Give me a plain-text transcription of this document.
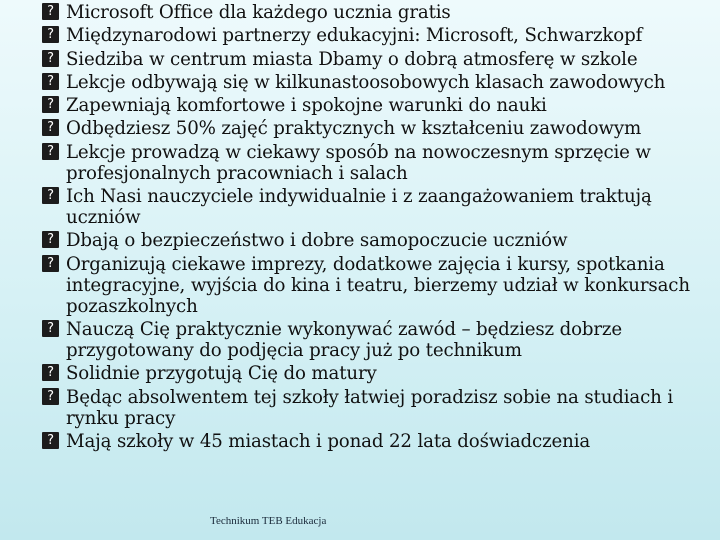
? Microsoft Office dla każdego ucznia gratis
? Międzynarodowi partnerzy edukacyjni: Microsoft, Schwarzkopf
? Siedziba w centrum miasta Dbamy o dobrą atmosferę w szkole
? Lekcje odbywają się w kilkunastoosobowych klasach zawodowych
? Zapewniają komfortowe i spokojne warunki do nauki
? Odbędziesz 50% zajęć praktycznych w kształceniu zawodowym
? Lekcje prowadzą w ciekawy sposób na nowoczesnym sprzęcie w profesjonalnych pracowniach i salach
? Ich Nasi nauczyciele indywidualnie i z zaangażowaniem traktują uczniów
? Dbają o bezpieczeństwo i dobre samopoczucie uczniów
? Organizują ciekawe imprezy, dodatkowe zajęcia i kursy, spotkania integracyjne, wyjścia do kina i teatru, bierzemy udział w konkursach pozaszkolnych
? Nauczą Cię praktycznie wykonywać zawód – będziesz dobrze przygotowany do podjęcia pracy już po technikum
? Solidnie przygotują Cię do matury
? Będąc absolwentem tej szkoły łatwiej poradzisz sobie na studiach i rynku pracy
? Mają szkoły w 45 miastach i ponad 22 lata doświadczenia
Technikum TEB Edukacja
